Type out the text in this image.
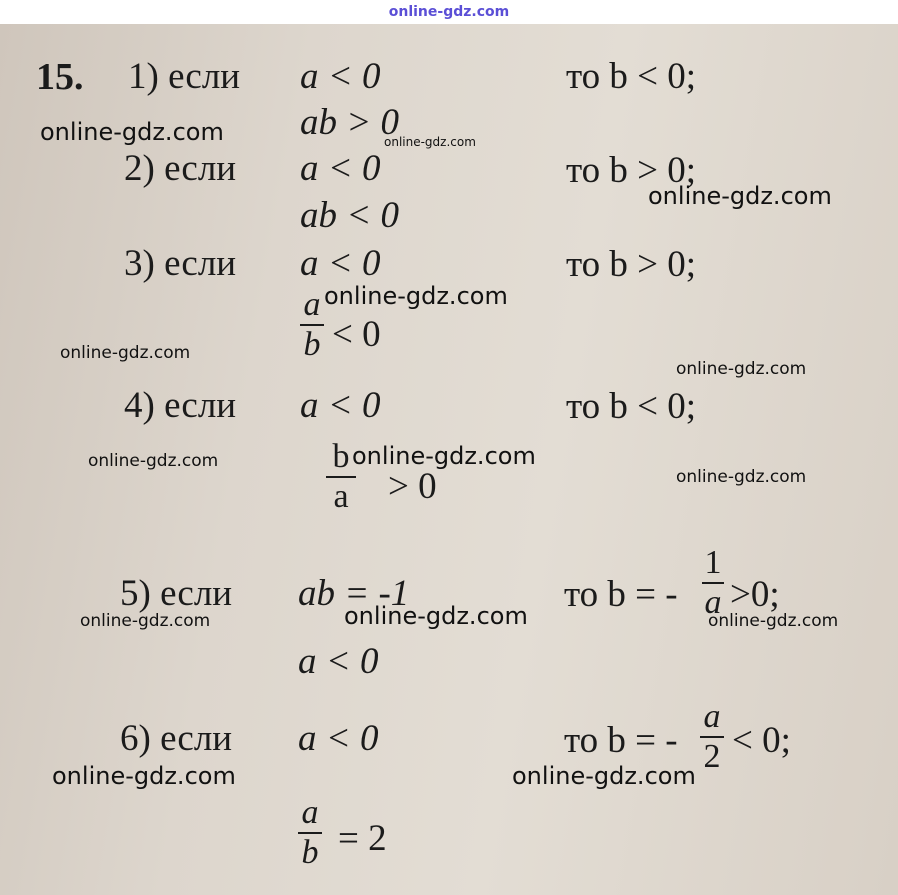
online-gdz.com
15. 1) если a < 0
ab > 0
то b < 0;
2) если a < 0
ab < 0
то b > 0;
3) если a < 0
a
b < 0
то b > 0;
4) если a < 0
b
a > 0
то b < 0;
5) если ab = -1
a < 0
то b = -
1
a >0;
6) если a < 0
a
b = 2
то b = -
a
2 < 0;
online-gdz.com	online-gdz.com
online-gdz.com
online-gdz.com
online-gdz.com
online-gdz.com
online-gdz.com
online-gdz.com
online-gdz.com
online-gdz.com
online-gdz.com	online-gdz.com
online-gdz.com	online-gdz.com
